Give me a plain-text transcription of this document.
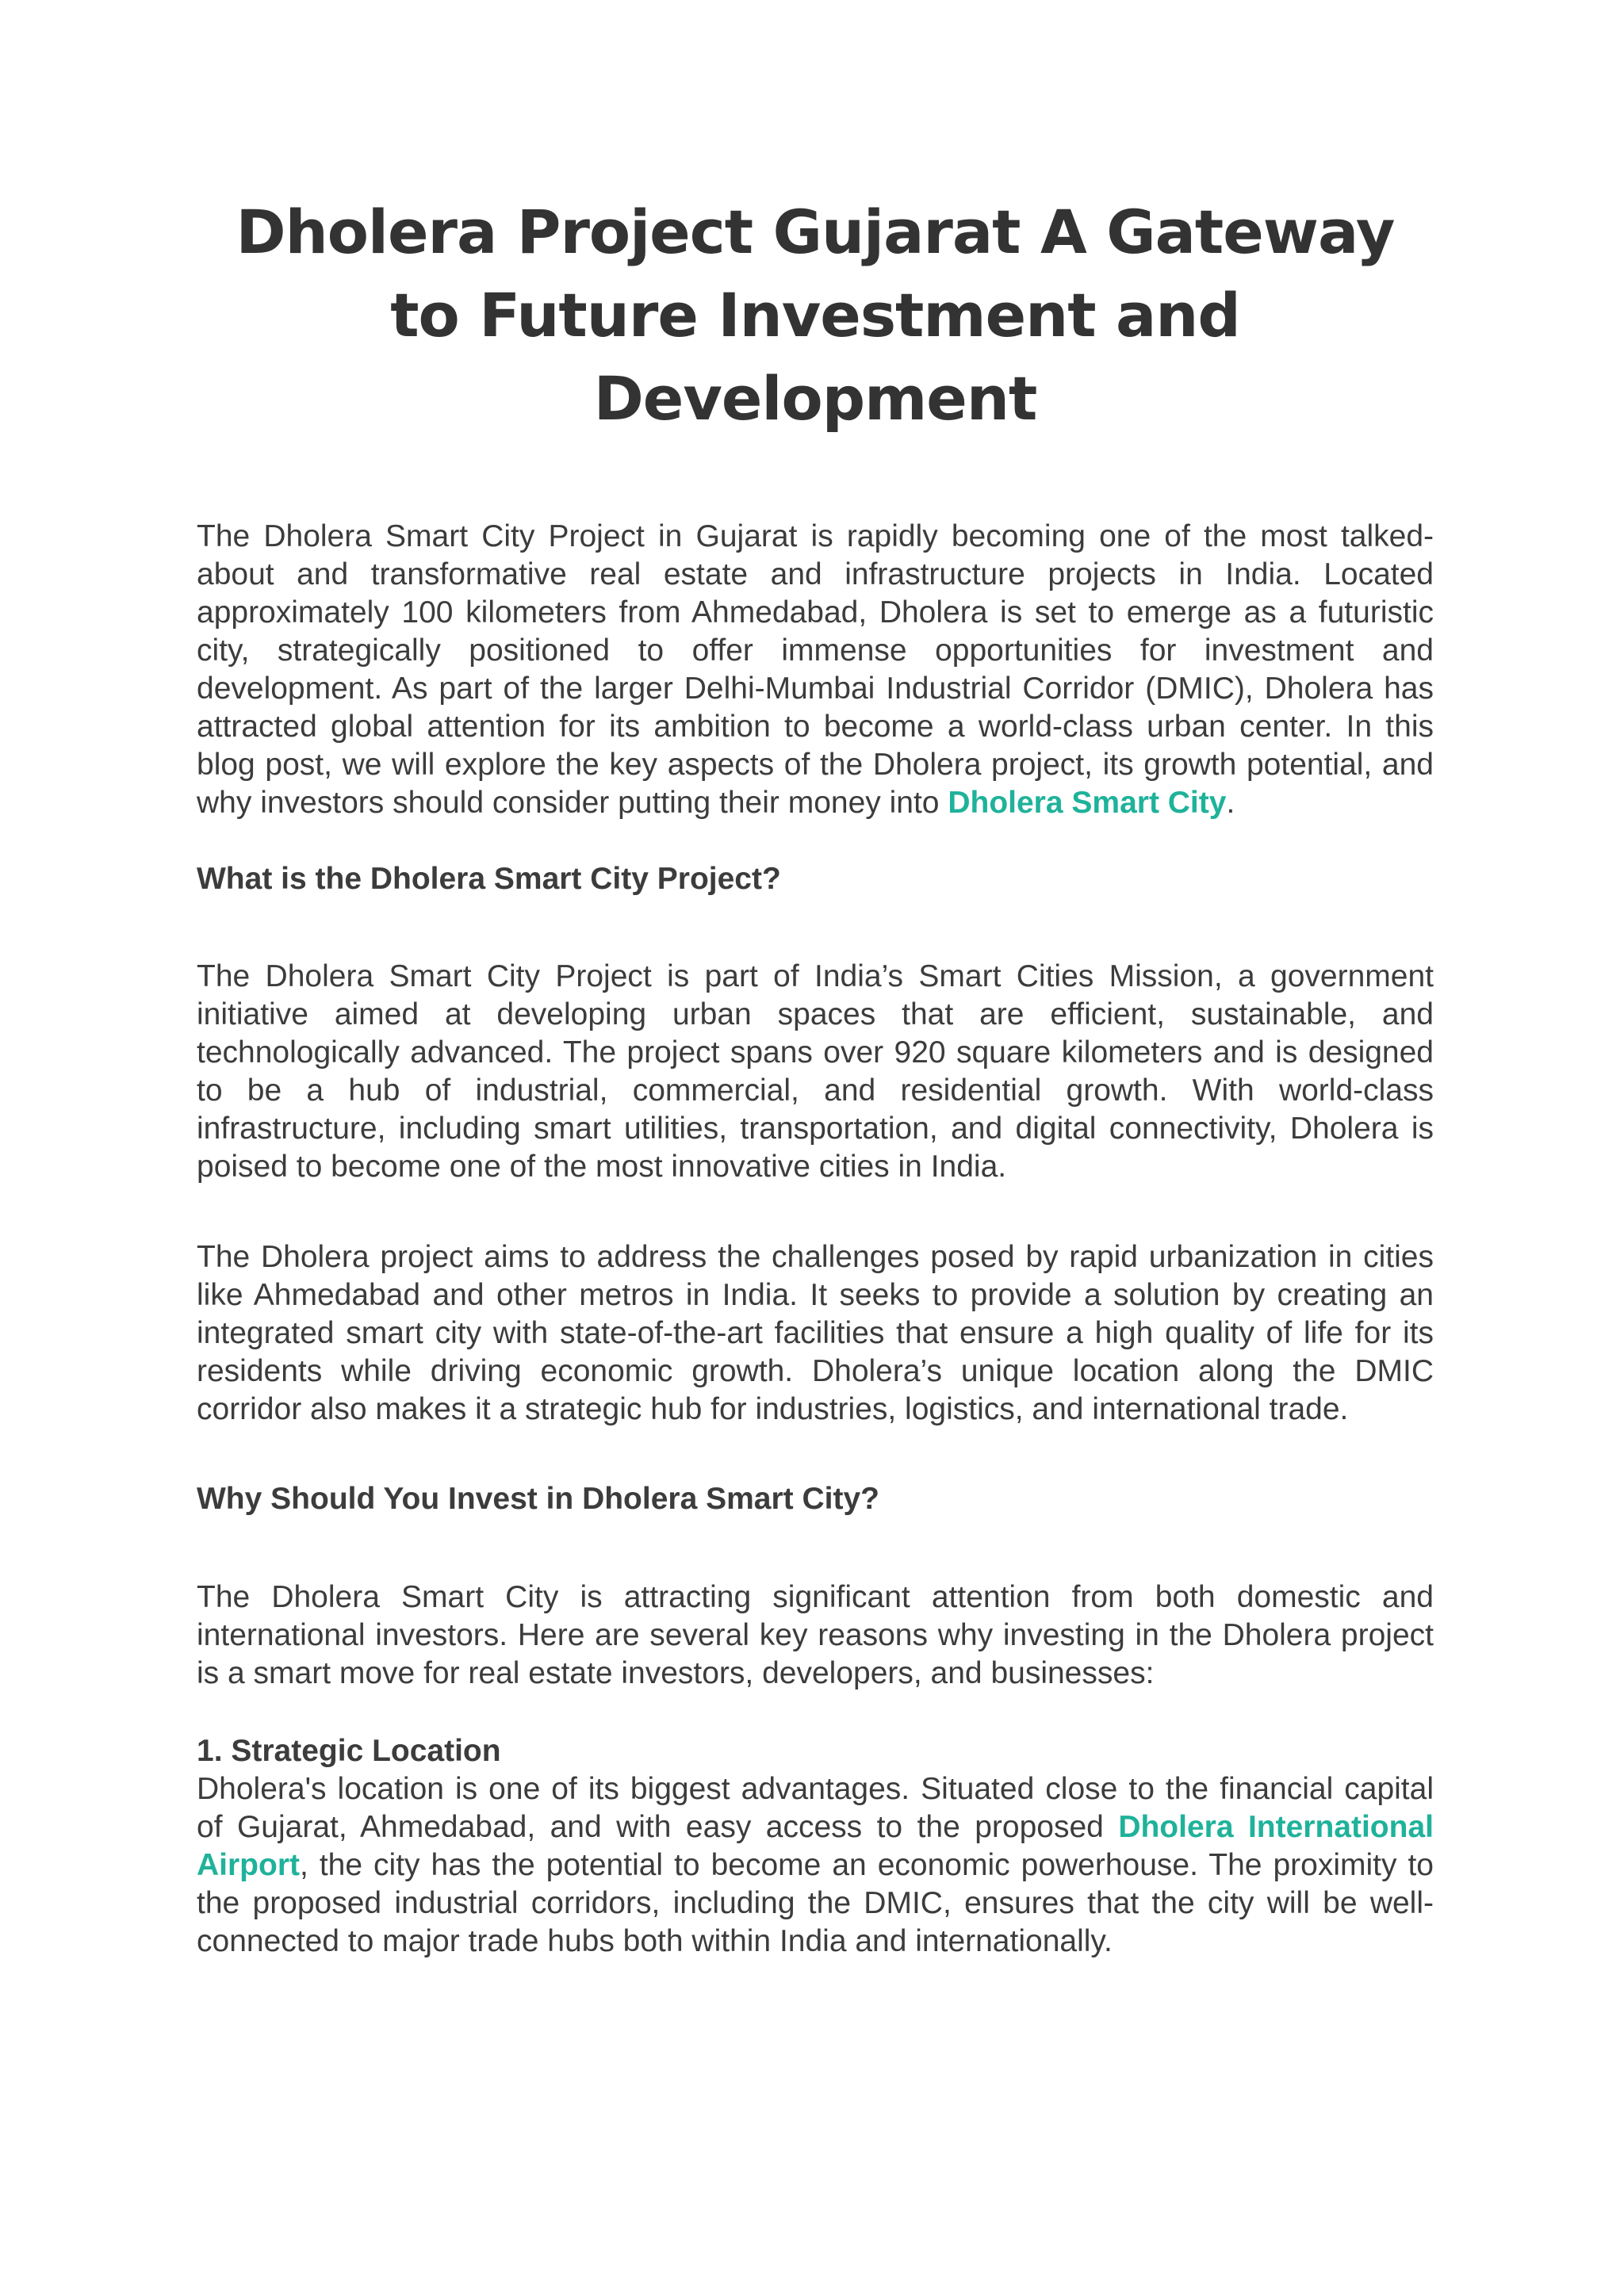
Dholera Project Gujarat A Gateway to Future Investment and Development

The Dholera Smart City Project in Gujarat is rapidly becoming one of the most talked-about and transformative real estate and infrastructure projects in India. Located approximately 100 kilometers from Ahmedabad, Dholera is set to emerge as a futuristic city, strategically positioned to offer immense opportunities for investment and development. As part of the larger Delhi-Mumbai Industrial Corridor (DMIC), Dholera has attracted global attention for its ambition to become a world-class urban center. In this blog post, we will explore the key aspects of the Dholera project, its growth potential, and why investors should consider putting their money into Dholera Smart City.

What is the Dholera Smart City Project?

The Dholera Smart City Project is part of India’s Smart Cities Mission, a government initiative aimed at developing urban spaces that are efficient, sustainable, and technologically advanced. The project spans over 920 square kilometers and is designed to be a hub of industrial, commercial, and residential growth. With world-class infrastructure, including smart utilities, transportation, and digital connectivity, Dholera is poised to become one of the most innovative cities in India.

The Dholera project aims to address the challenges posed by rapid urbanization in cities like Ahmedabad and other metros in India. It seeks to provide a solution by creating an integrated smart city with state-of-the-art facilities that ensure a high quality of life for its residents while driving economic growth. Dholera’s unique location along the DMIC corridor also makes it a strategic hub for industries, logistics, and international trade.

Why Should You Invest in Dholera Smart City?

The Dholera Smart City is attracting significant attention from both domestic and international investors. Here are several key reasons why investing in the Dholera project is a smart move for real estate investors, developers, and businesses:

1. Strategic Location

Dholera's location is one of its biggest advantages. Situated close to the financial capital of Gujarat, Ahmedabad, and with easy access to the proposed Dholera International Airport, the city has the potential to become an economic powerhouse. The proximity to the proposed industrial corridors, including the DMIC, ensures that the city will be well-connected to major trade hubs both within India and internationally.
